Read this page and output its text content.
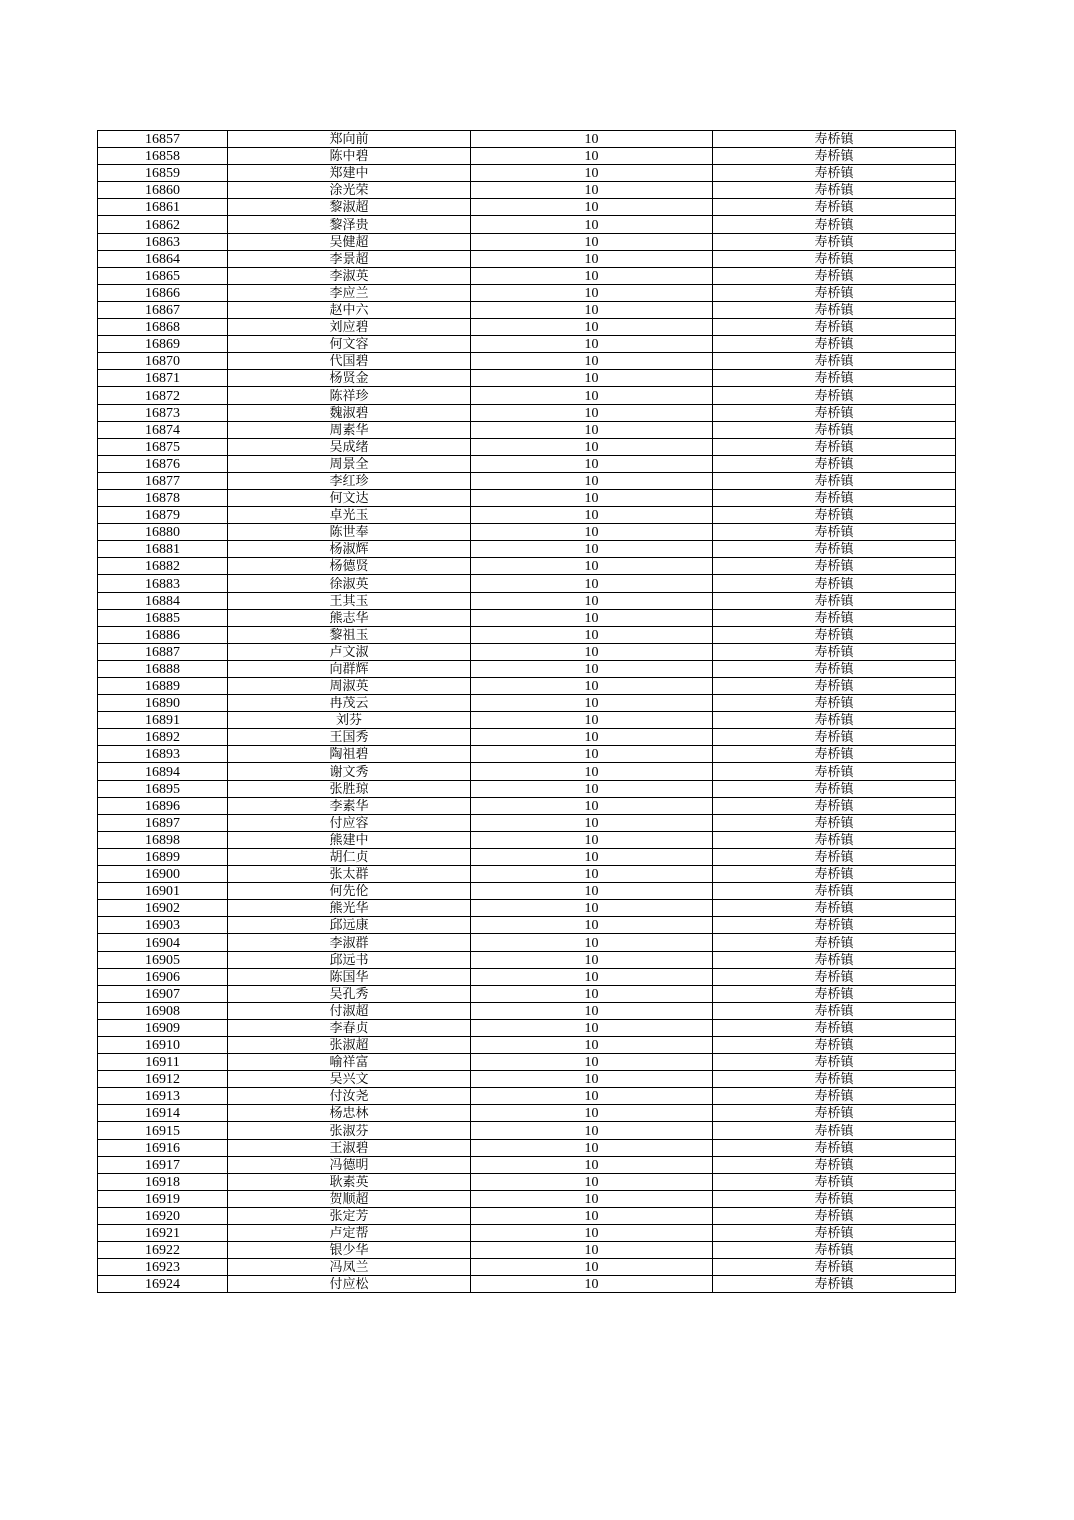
16857	郑向前	10	寿桥镇
16858	陈中碧	10	寿桥镇
16859	郑建中	10	寿桥镇
16860	涂光荣	10	寿桥镇
16861	黎淑超	10	寿桥镇
16862	黎泽贵	10	寿桥镇
16863	吴健超	10	寿桥镇
16864	李景超	10	寿桥镇
16865	李淑英	10	寿桥镇
16866	李应兰	10	寿桥镇
16867	赵中六	10	寿桥镇
16868	刘应碧	10	寿桥镇
16869	何文容	10	寿桥镇
16870	代国碧	10	寿桥镇
16871	杨贤金	10	寿桥镇
16872	陈祥珍	10	寿桥镇
16873	魏淑碧	10	寿桥镇
16874	周素华	10	寿桥镇
16875	吴成绪	10	寿桥镇
16876	周景全	10	寿桥镇
16877	李红珍	10	寿桥镇
16878	何文达	10	寿桥镇
16879	卓光玉	10	寿桥镇
16880	陈世奉	10	寿桥镇
16881	杨淑辉	10	寿桥镇
16882	杨德贤	10	寿桥镇
16883	徐淑英	10	寿桥镇
16884	王其玉	10	寿桥镇
16885	熊志华	10	寿桥镇
16886	黎祖玉	10	寿桥镇
16887	卢文淑	10	寿桥镇
16888	向群辉	10	寿桥镇
16889	周淑英	10	寿桥镇
16890	冉茂云	10	寿桥镇
16891	刘芬	10	寿桥镇
16892	王国秀	10	寿桥镇
16893	陶祖碧	10	寿桥镇
16894	谢文秀	10	寿桥镇
16895	张胜琼	10	寿桥镇
16896	李素华	10	寿桥镇
16897	付应容	10	寿桥镇
16898	熊建中	10	寿桥镇
16899	胡仁贞	10	寿桥镇
16900	张太群	10	寿桥镇
16901	何先伦	10	寿桥镇
16902	熊光华	10	寿桥镇
16903	邱远康	10	寿桥镇
16904	李淑群	10	寿桥镇
16905	邱远书	10	寿桥镇
16906	陈国华	10	寿桥镇
16907	吴孔秀	10	寿桥镇
16908	付淑超	10	寿桥镇
16909	李春贞	10	寿桥镇
16910	张淑超	10	寿桥镇
16911	喻祥富	10	寿桥镇
16912	吴兴文	10	寿桥镇
16913	付汝尧	10	寿桥镇
16914	杨忠林	10	寿桥镇
16915	张淑芬	10	寿桥镇
16916	王淑碧	10	寿桥镇
16917	冯德明	10	寿桥镇
16918	耿素英	10	寿桥镇
16919	贺顺超	10	寿桥镇
16920	张定芳	10	寿桥镇
16921	卢定帮	10	寿桥镇
16922	银少华	10	寿桥镇
16923	冯凤兰	10	寿桥镇
16924	付应松	10	寿桥镇
